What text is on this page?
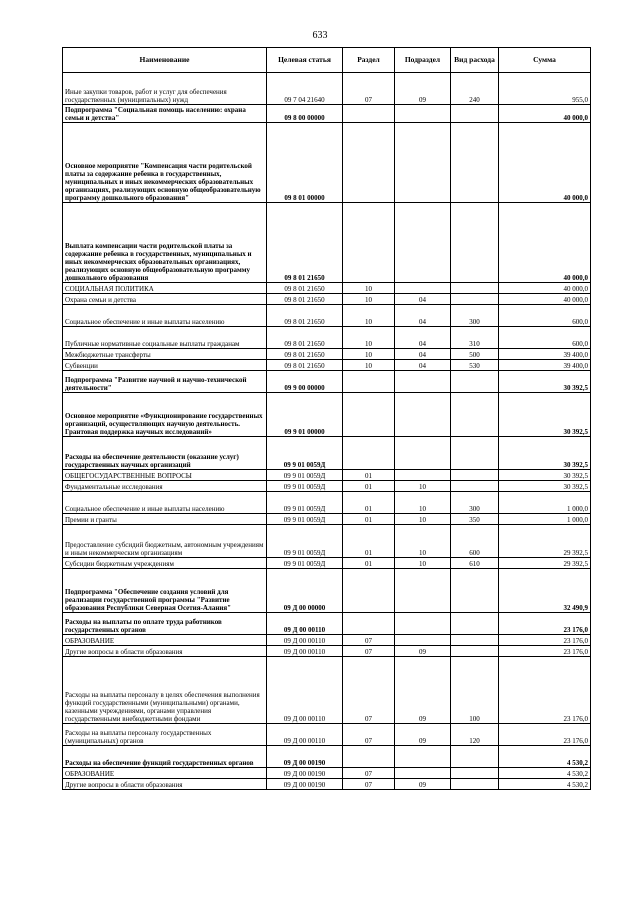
633
Наименование	Целевая статья	Раздел	Подраздел	Вид расхода	Сумма
Иные закупки товаров, работ и услуг для обеспечения государственных (муниципальных) нужд	09 7 04 21640	07	09	240	955,0
Подпрограмма "Социальная помощь населению: охрана семьи и детства"	09 8 00 00000				40 000,0
Основное мероприятие "Компенсация части родительской платы за содержание ребенка в государственных, муниципальных и иных некоммерческих образовательных организациях, реализующих основную общеобразовательную программу дошкольного образования"	09 8 01 00000				40 000,0
Выплата компенсации части родительской платы за содержание ребенка в государственных, муниципальных и иных некоммерческих образовательных организациях, реализующих основную общеобразовательную программу дошкольного образования	09 8 01 21650				40 000,0
СОЦИАЛЬНАЯ ПОЛИТИКА	09 8 01 21650	10			40 000,0
Охрана семьи и детства	09 8 01 21650	10	04		40 000,0
Социальное обеспечение и иные выплаты населению	09 8 01 21650	10	04	300	600,0
Публичные нормативные социальные выплаты гражданам	09 8 01 21650	10	04	310	600,0
Межбюджетные трансферты	09 8 01 21650	10	04	500	39 400,0
Субвенции	09 8 01 21650	10	04	530	39 400,0
Подпрограмма "Развитие научной и научно-технической деятельности"	09 9 00 00000				30 392,5
Основное мероприятие «Функционирование государственных организаций, осуществляющих научную деятельность. Грантовая поддержка научных исследований»	09 9 01 00000				30 392,5
Расходы на обеспечение деятельности (оказание услуг) государственных научных организаций	09 9 01 0059Д				30 392,5
ОБЩЕГОСУДАРСТВЕННЫЕ ВОПРОСЫ	09 9 01 0059Д	01			30 392,5
Фундаментальные исследования	09 9 01 0059Д	01	10		30 392,5
Социальное обеспечение и иные выплаты населению	09 9 01 0059Д	01	10	300	1 000,0
Премии и гранты	09 9 01 0059Д	01	10	350	1 000,0
Предоставление субсидий бюджетным, автономным учреждениям и иным некоммерческим организациям	09 9 01 0059Д	01	10	600	29 392,5
Субсидии бюджетным учреждениям	09 9 01 0059Д	01	10	610	29 392,5
Подпрограмма "Обеспечение создания условий для реализации государственной программы "Развитие образования Республики Северная Осетия-Алания"	09 Д 00 00000				32 490,9
Расходы на выплаты по оплате труда работников государственных органов	09 Д 00 00110				23 176,0
ОБРАЗОВАНИЕ	09 Д 00 00110	07			23 176,0
Другие вопросы в области образования	09 Д 00 00110	07	09		23 176,0
Расходы на выплаты персоналу в целях обеспечения выполнения функций государственными (муниципальными) органами, казенными учреждениями, органами управления государственными внебюджетными фондами	09 Д 00 00110	07	09	100	23 176,0
Расходы на выплаты персоналу государственных (муниципальных) органов	09 Д 00 00110	07	09	120	23 176,0
Расходы на обеспечение функций государственных органов	09 Д 00 00190				4 530,2
ОБРАЗОВАНИЕ	09 Д 00 00190	07			4 530,2
Другие вопросы в области образования	09 Д 00 00190	07	09		4 530,2
